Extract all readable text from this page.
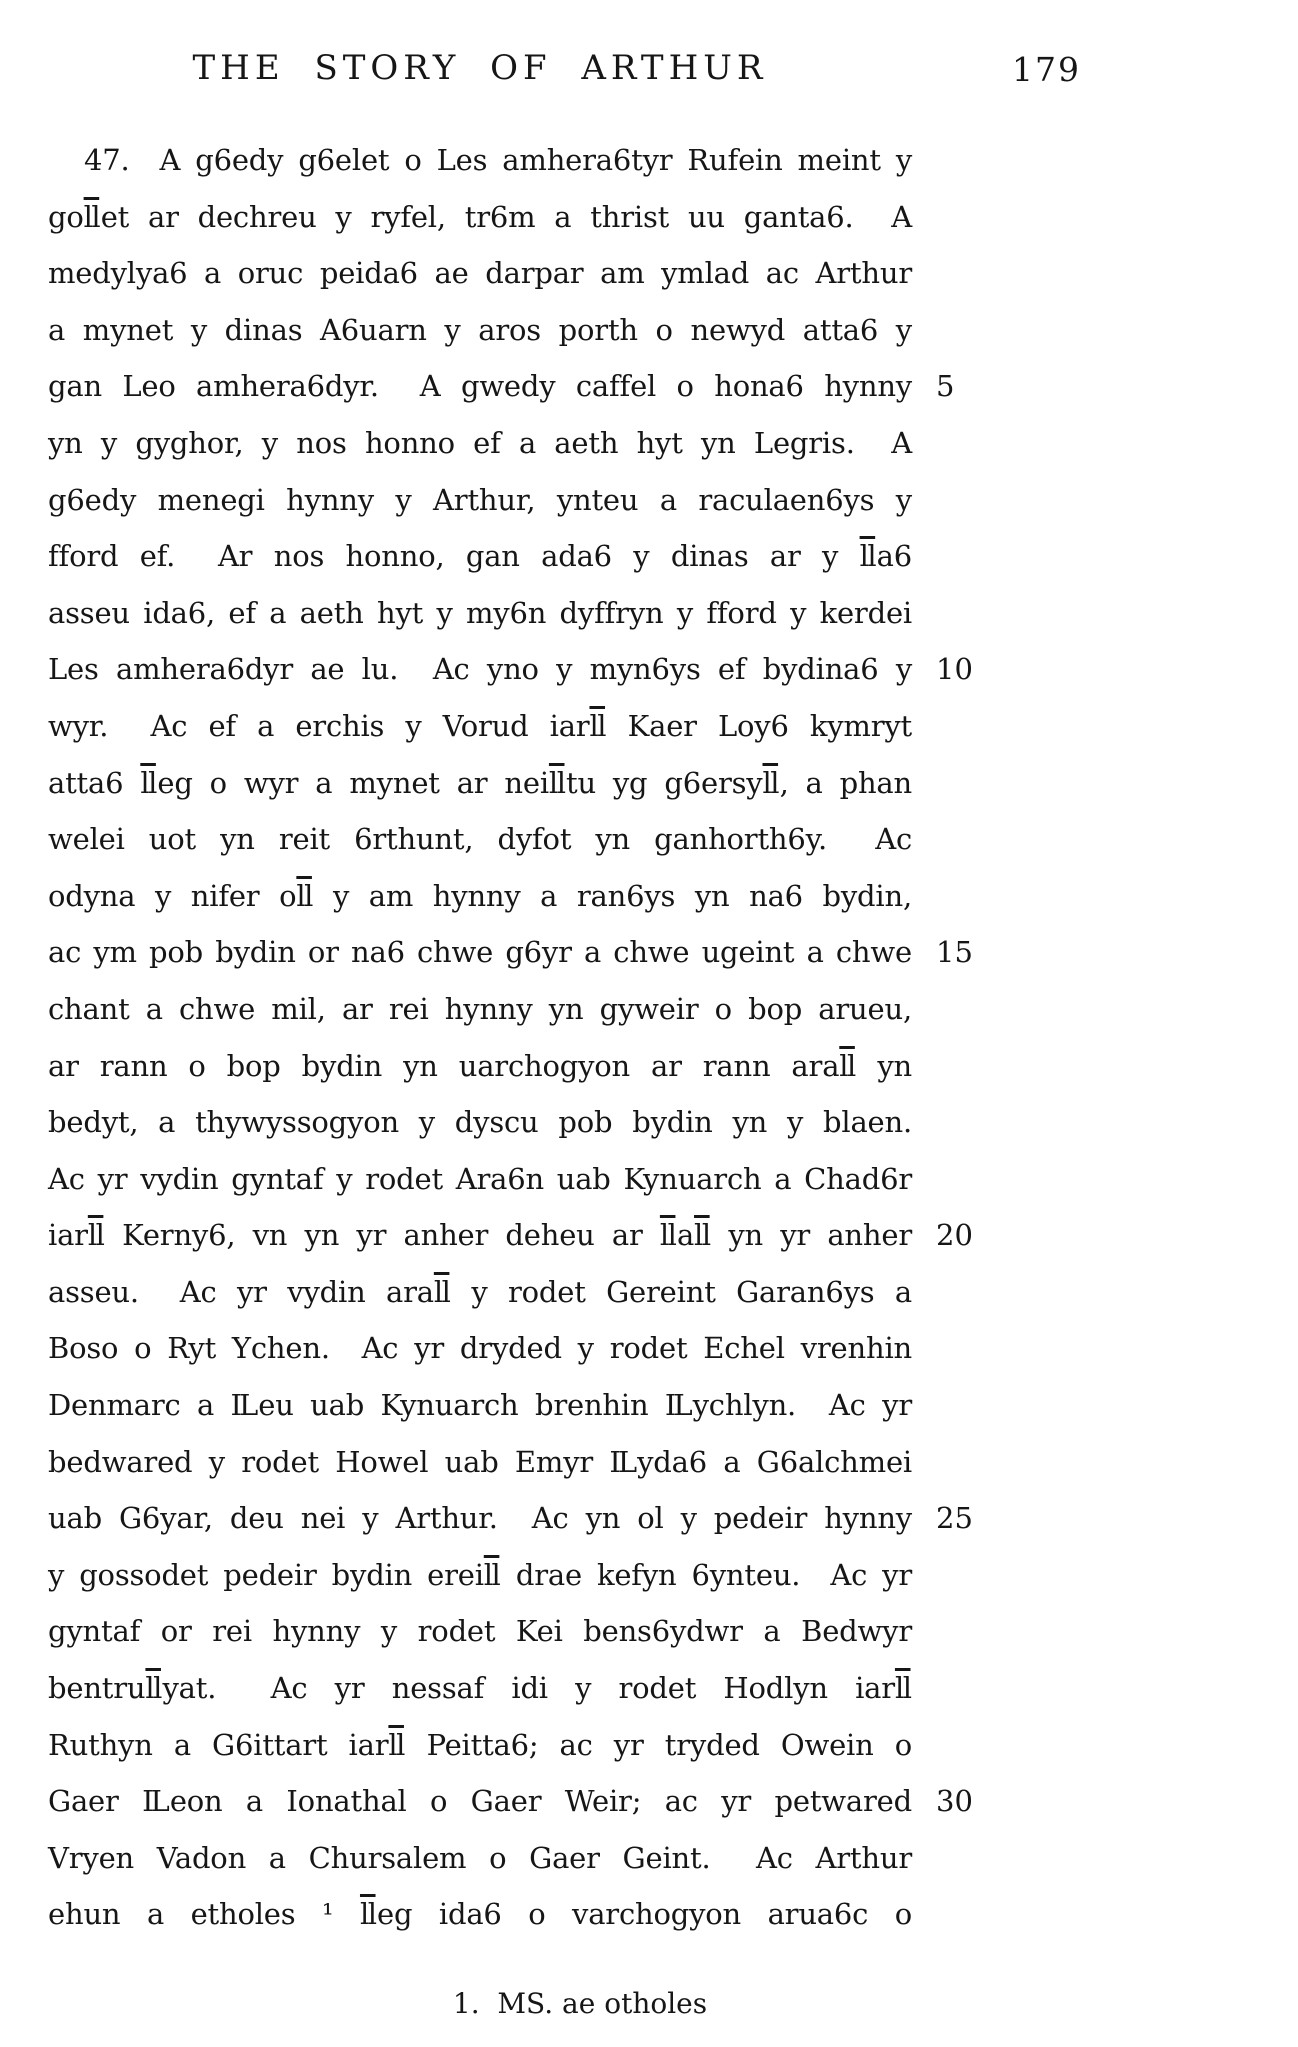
THE STORY OF ARTHUR	179
47.  A g6edy g6elet o Les amhera6tyr Rufein meint y
$go\overline{ll}et$ ar dechreu y ryfel, tr6m a thrist uu ganta6.  A
medylya6 a oruc peida6 ae darpar am ymlad ac Arthur
a mynet y dinas A6uarn y aros porth o newyd atta6 y
gan Leo amhera6dyr.  A gwedy caffel o hona6 hynny 5
yn y gyghor, y nos honno ef a aeth hyt yn Legris.  A
g6edy menegi hynny y Arthur, ynteu a raculaen6ys y
fford ef.  Ar nos honno, gan ada6 y dinas ar y $\overline{ll}a6$
asseu ida6, ef a aeth hyt y my6n dyffryn y fford y kerdei
Les amhera6dyr ae lu.  Ac yno y myn6ys ef bydina6 y 10
wyr.  Ac ef a erchis y Vorud $iar\overline{ll}$ Kaer Loy6 kymryt
atta6 $\overline{ll}eg$ o wyr a mynet ar $nei\overline{ll}tu$ yg $g6ersy\overline{ll}$, a phan
welei uot yn reit 6rthunt, dyfot yn ganhorth6y.  Ac
odyna y nifer $o\overline{ll}$ y am hynny a ran6ys yn na6 bydin,
ac ym pob bydin or na6 chwe g6yr a chwe ugeint a chwe 15
chant a chwe mil, ar rei hynny yn gyweir o bop arueu,
ar rann o bop bydin yn uarchogyon ar rann $ara\overline{ll}$ yn
bedyt, a thywyssogyon y dyscu pob bydin yn y blaen.
Ac yr vydin gyntaf y rodet Ara6n uab Kynuarch a Chad6r
$iar\overline{ll}$ Kerny6, vn yn yr anher deheu ar $\overline{ll}a\overline{ll}$ yn yr anher 20
asseu.  Ac yr vydin $ara\overline{ll}$ y rodet Gereint Garan6ys a
Boso o Ryt Ychen.  Ac yr dryded y rodet Echel vrenhin
Denmarc a IL eu uab Kynuarch brenhin IL ychlyn.  Ac yr
bedwared y rodet Howel uab Emyr IL yda6 a G6alchmei
uab G6yar, deu nei y Arthur.  Ac yn ol y pedeir hynny 25
y gossodet pedeir bydin $erei\overline{ll}$ drae kefyn 6ynteu.  Ac yr
gyntaf or rei hynny y rodet Kei bens6ydwr a Bedwyr
$bentru\overline{ll}yat$.  Ac yr nessaf idi y rodet Hodlyn $iar\overline{ll}$
Ruthyn a G6ittart $iar\overline{ll}$ Peitta6; ac yr tryded Owein o
Gaer IL eon a Ionathal o Gaer Weir; ac yr petwared 30
Vryen Vadon a Chursalem o Gaer Geint.  Ac Arthur
ehun a etholes ¹ $\overline{ll}eg$ ida6 o varchogyon arua6c o
1.  MS. ae otholes
